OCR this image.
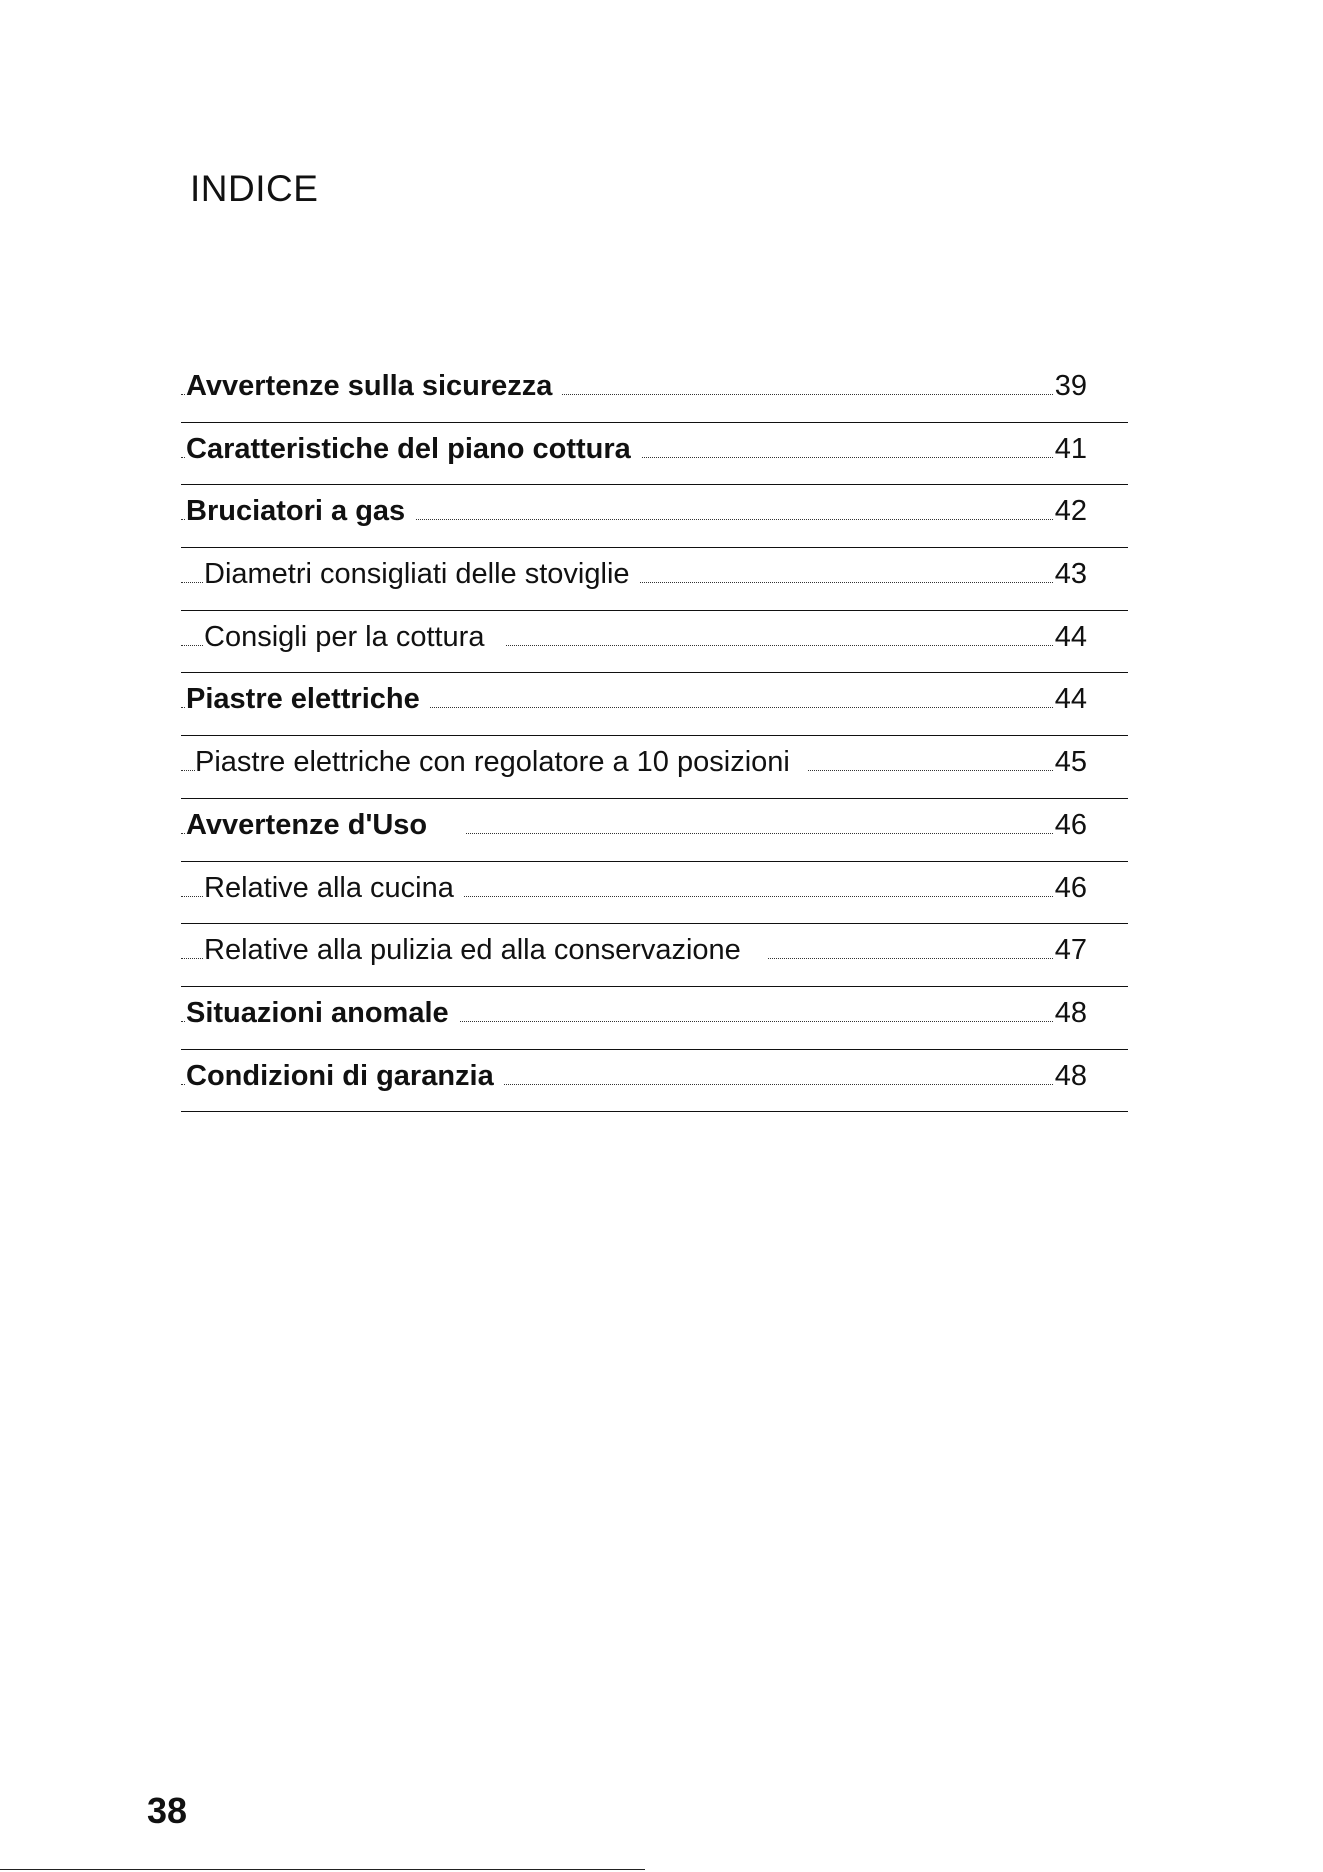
INDICE
Avvertenze sulla sicurezza	39
Caratteristiche del piano cottura	41
Bruciatori a gas	42
Diametri consigliati delle stoviglie	43
Consigli per la cottura	44
Piastre elettriche	44
Piastre elettriche con regolatore a 10 posizioni	45
Avvertenze d'Uso	46
Relative alla cucina	46
Relative alla pulizia ed alla conservazione	47
Situazioni anomale	48
Condizioni di garanzia	48
38
